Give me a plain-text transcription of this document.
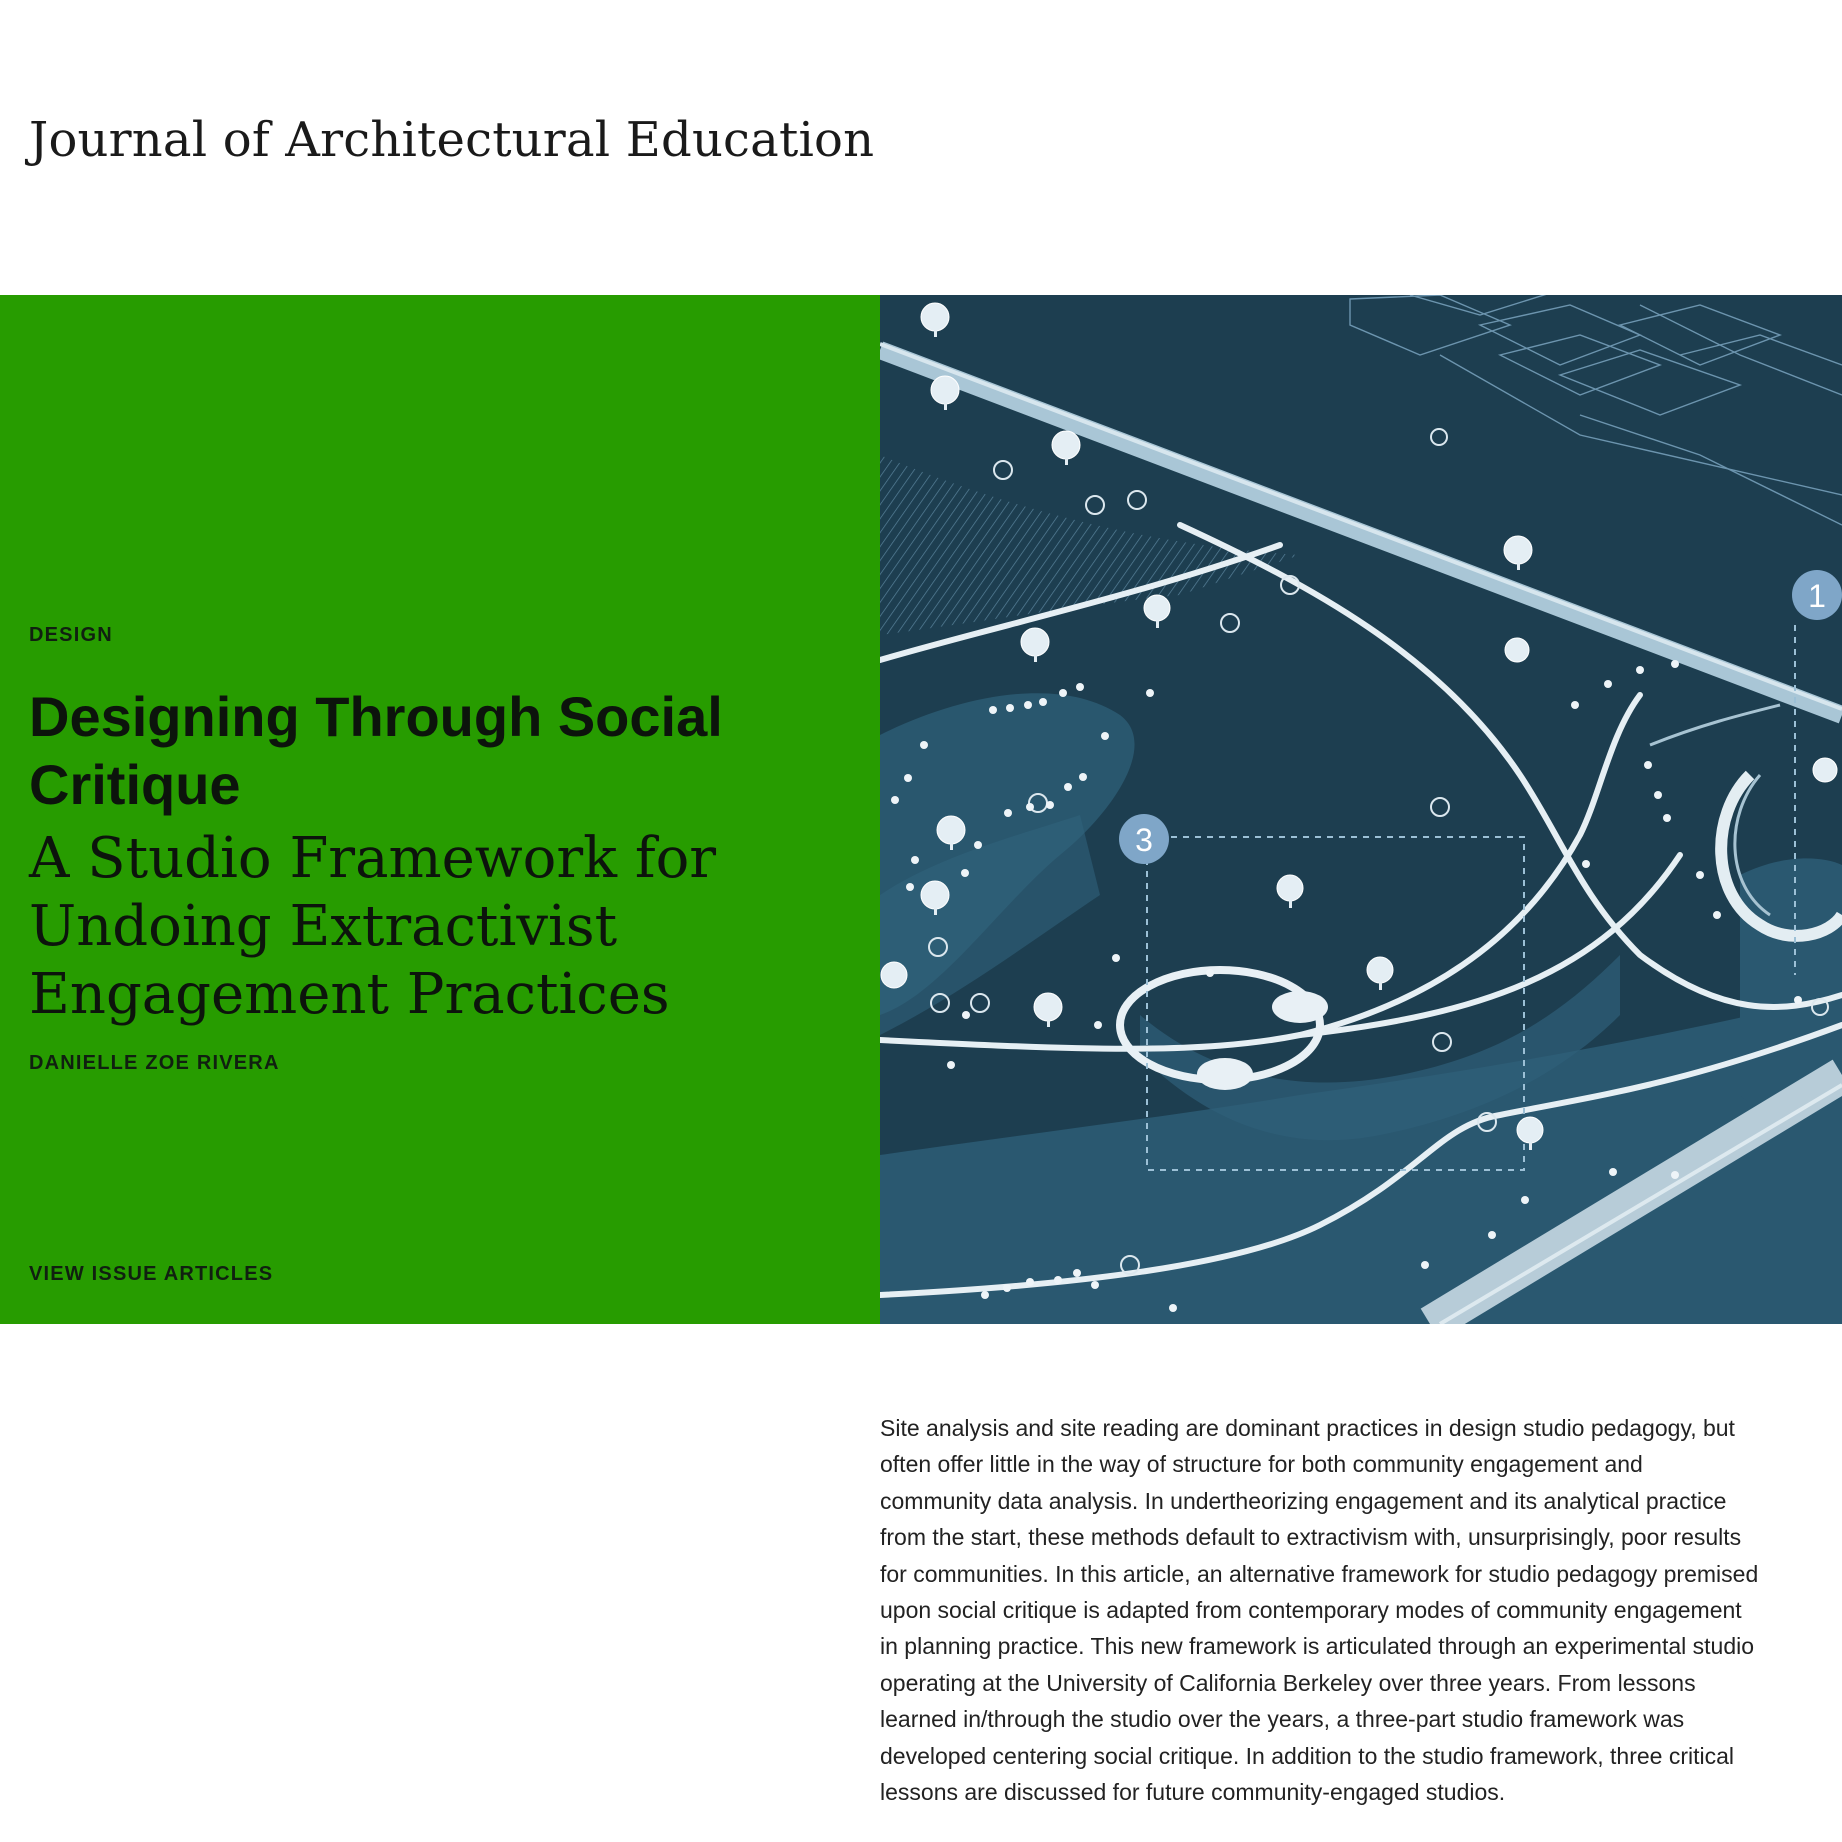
Journal of Architectural Education
DESIGN
Designing Through Social Critique
A Studio Framework for Undoing Extractivist Engagement Practices
DANIELLE ZOE RIVERA
VIEW ISSUE ARTICLES
1
3

Site analysis and site reading are dominant practices in design studio pedagogy, but
often offer little in the way of structure for both community engagement and
community data analysis. In undertheorizing engagement and its analytical practice
from the start, these methods default to extractivism with, unsurprisingly, poor results
for communities. In this article, an alternative framework for studio pedagogy premised
upon social critique is adapted from contemporary modes of community engagement
in planning practice. This new framework is articulated through an experimental studio
operating at the University of California Berkeley over three years. From lessons
learned in/through the studio over the years, a three-part studio framework was
developed centering social critique. In addition to the studio framework, three critical
lessons are discussed for future community-engaged studios.
